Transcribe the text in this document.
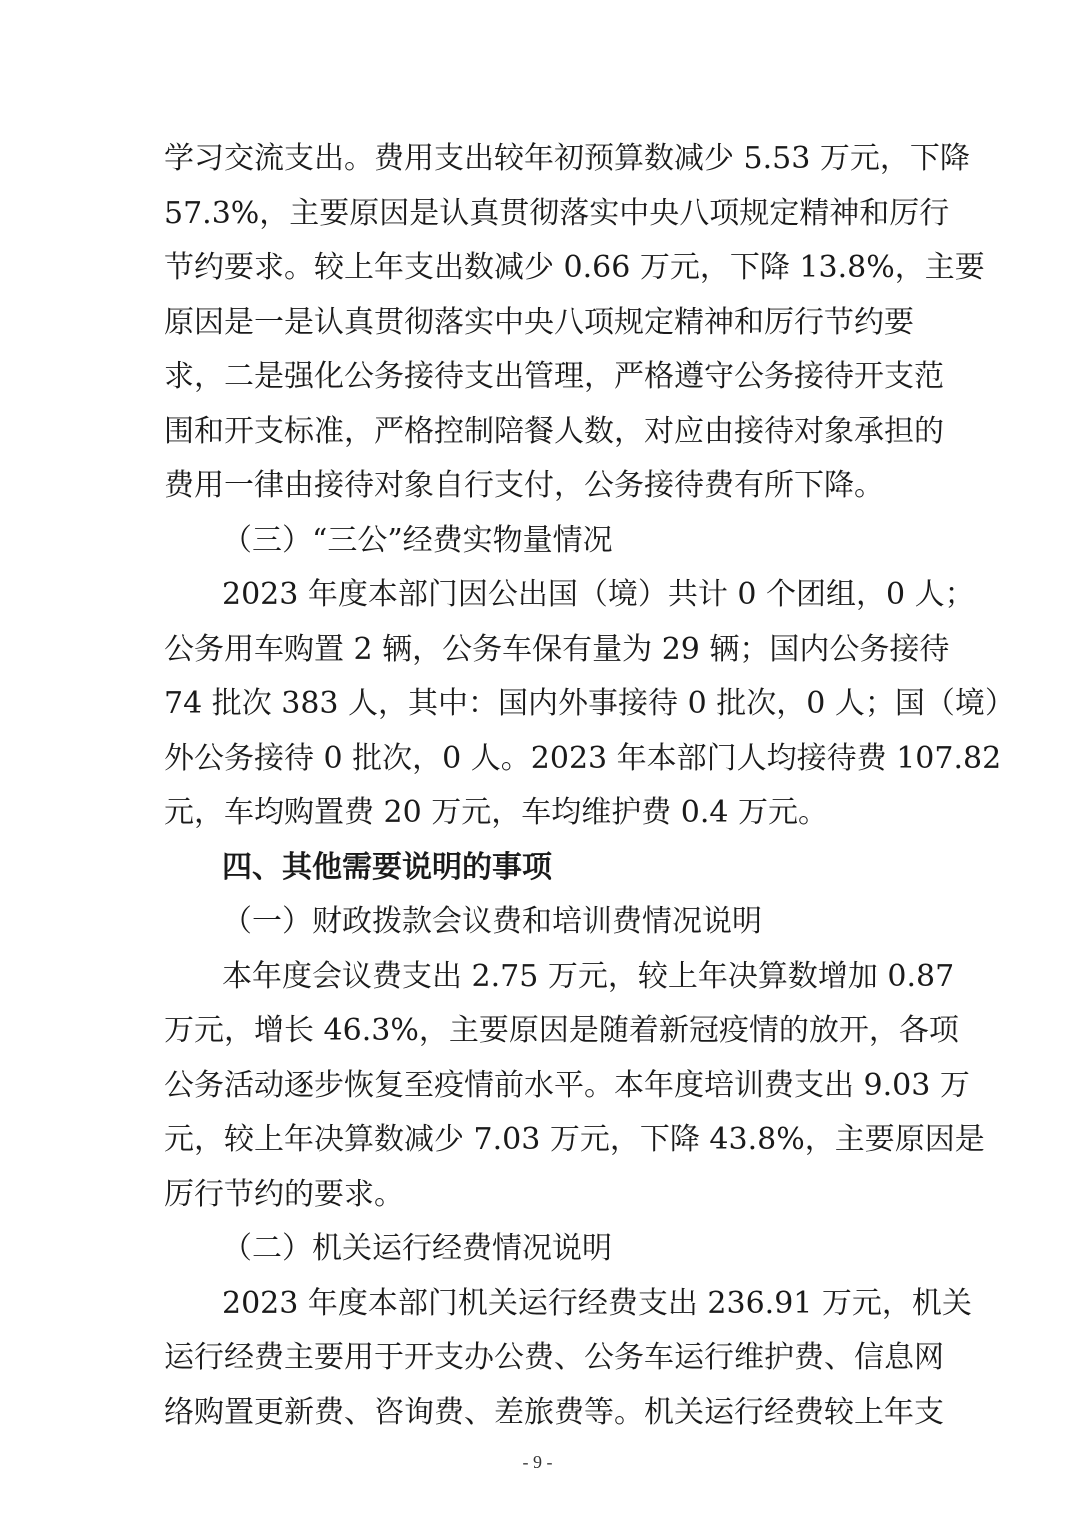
学习交流支出。费用支出较年初预算数减少 5.53 万元，下降
57.3%，主要原因是认真贯彻落实中央八项规定精神和厉行
节约要求。较上年支出数减少 0.66 万元，下降 13.8%，主要
原因是一是认真贯彻落实中央八项规定精神和厉行节约要
求，二是强化公务接待支出管理，严格遵守公务接待开支范
围和开支标准，严格控制陪餐人数，对应由接待对象承担的
费用一律由接待对象自行支付，公务接待费有所下降。
（三）“三公”经费实物量情况
2023 年度本部门因公出国（境）共计 0 个团组，0 人；
公务用车购置 2 辆，公务车保有量为 29 辆；国内公务接待
74 批次 383 人，其中：国内外事接待 0 批次，0 人；国（境）
外公务接待 0 批次，0 人。2023 年本部门人均接待费 107.82
元，车均购置费 20 万元，车均维护费 0.4 万元。
四、其他需要说明的事项
（一）财政拨款会议费和培训费情况说明
本年度会议费支出 2.75 万元，较上年决算数增加 0.87
万元，增长 46.3%，主要原因是随着新冠疫情的放开，各项
公务活动逐步恢复至疫情前水平。本年度培训费支出 9.03 万
元，较上年决算数减少 7.03 万元，下降 43.8%，主要原因是
厉行节约的要求。
（二）机关运行经费情况说明
2023 年度本部门机关运行经费支出 236.91 万元，机关
运行经费主要用于开支办公费、公务车运行维护费、信息网
络购置更新费、咨询费、差旅费等。机关运行经费较上年支
- 9 -
